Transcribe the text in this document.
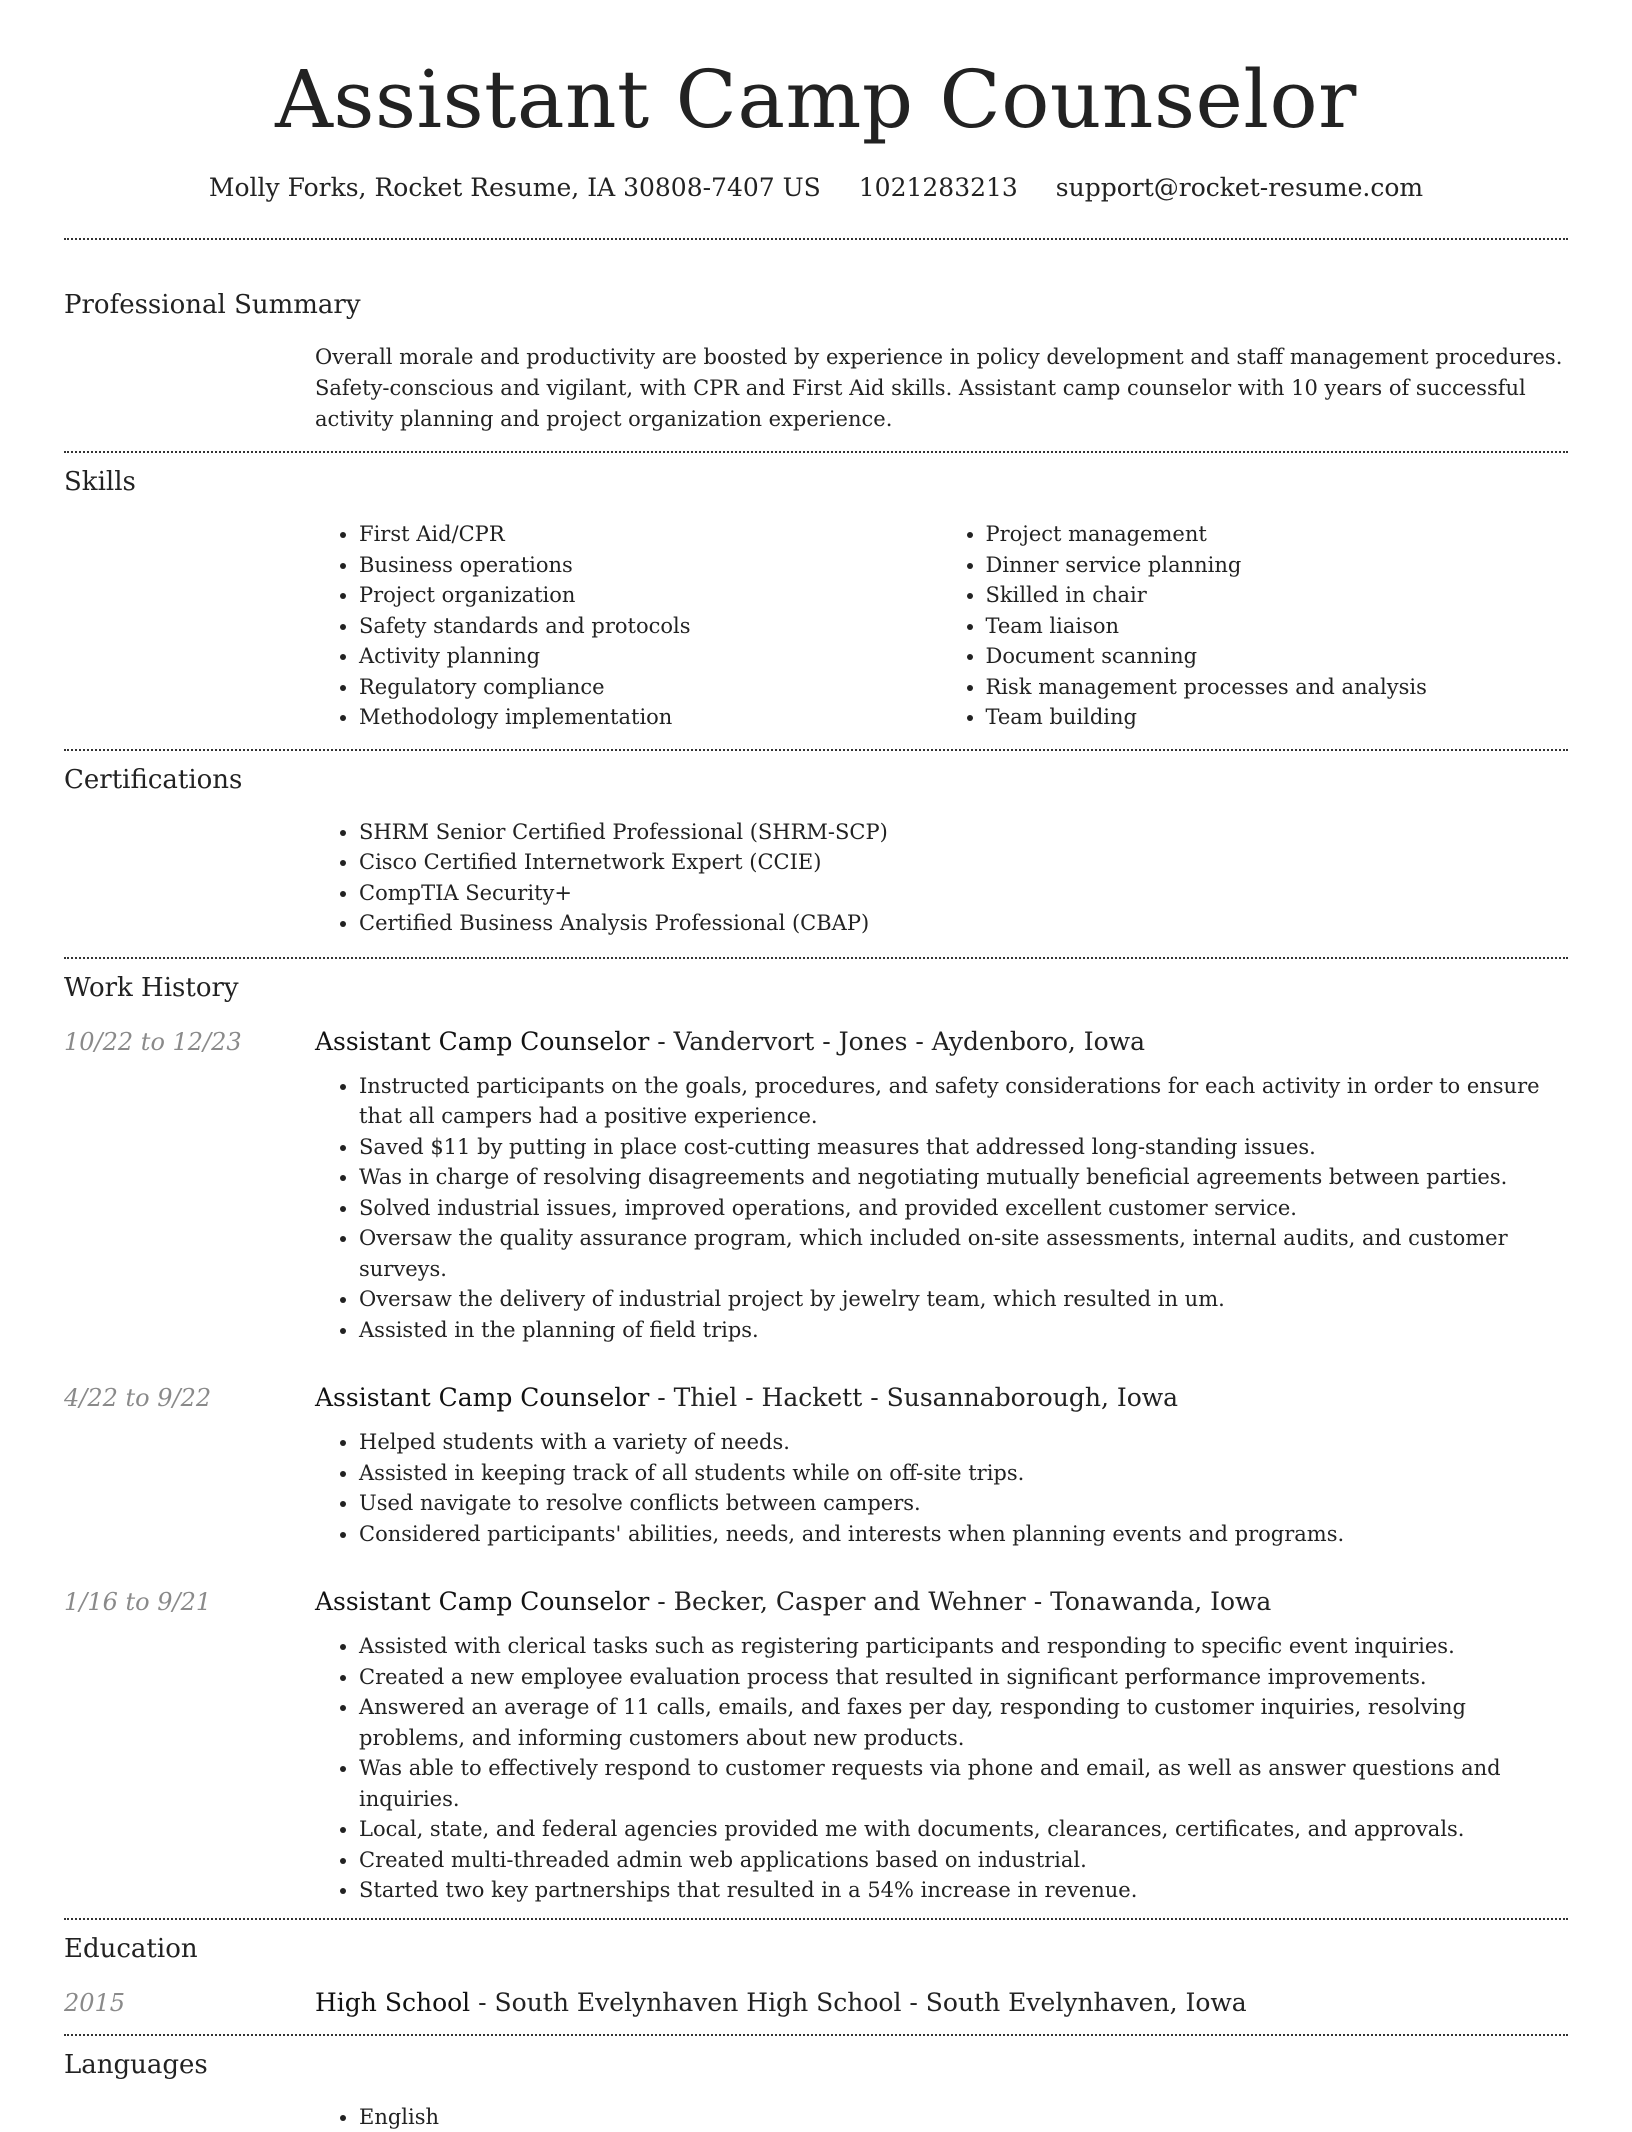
Assistant Camp Counselor
Molly Forks, Rocket Resume, IA 30808-7407 US 1021283213 support@rocket-resume.com
Professional Summary

Overall morale and productivity are boosted by experience in policy development and staff management procedures. Safety-conscious and vigilant, with CPR and First Aid skills. Assistant camp counselor with 10 years of successful activity planning and project organization experience.

Skills
• First Aid/CPR
• Business operations
• Project organization
• Safety standards and protocols
• Activity planning
• Regulatory compliance
• Methodology implementation
• Project management
• Dinner service planning
• Skilled in chair
• Team liaison
• Document scanning
• Risk management processes and analysis
• Team building
Certifications
• SHRM Senior Certified Professional (SHRM-SCP)
• Cisco Certified Internetwork Expert (CCIE)
• CompTIA Security+
• Certified Business Analysis Professional (CBAP)
Work History
10/22 to 12/23	Assistant Camp Counselor - Vandervort - Jones - Aydenboro, Iowa
• Instructed participants on the goals, procedures, and safety considerations for each activity in order to ensure that all campers had a positive experience.
• Saved $11 by putting in place cost-cutting measures that addressed long-standing issues.
• Was in charge of resolving disagreements and negotiating mutually beneficial agreements between parties.
• Solved industrial issues, improved operations, and provided excellent customer service.
• Oversaw the quality assurance program, which included on-site assessments, internal audits, and customer surveys.
• Oversaw the delivery of industrial project by jewelry team, which resulted in um.
• Assisted in the planning of field trips.
4/22 to 9/22	Assistant Camp Counselor - Thiel - Hackett - Susannaborough, Iowa
• Helped students with a variety of needs.
• Assisted in keeping track of all students while on off-site trips.
• Used navigate to resolve conflicts between campers.
• Considered participants' abilities, needs, and interests when planning events and programs.
1/16 to 9/21	Assistant Camp Counselor - Becker, Casper and Wehner - Tonawanda, Iowa
• Assisted with clerical tasks such as registering participants and responding to specific event inquiries.
• Created a new employee evaluation process that resulted in significant performance improvements.
• Answered an average of 11 calls, emails, and faxes per day, responding to customer inquiries, resolving problems, and informing customers about new products.
• Was able to effectively respond to customer requests via phone and email, as well as answer questions and inquiries.
• Local, state, and federal agencies provided me with documents, clearances, certificates, and approvals.
• Created multi-threaded admin web applications based on industrial.
• Started two key partnerships that resulted in a 54% increase in revenue.
Education
2015	High School - South Evelynhaven High School - South Evelynhaven, Iowa
Languages
• English
